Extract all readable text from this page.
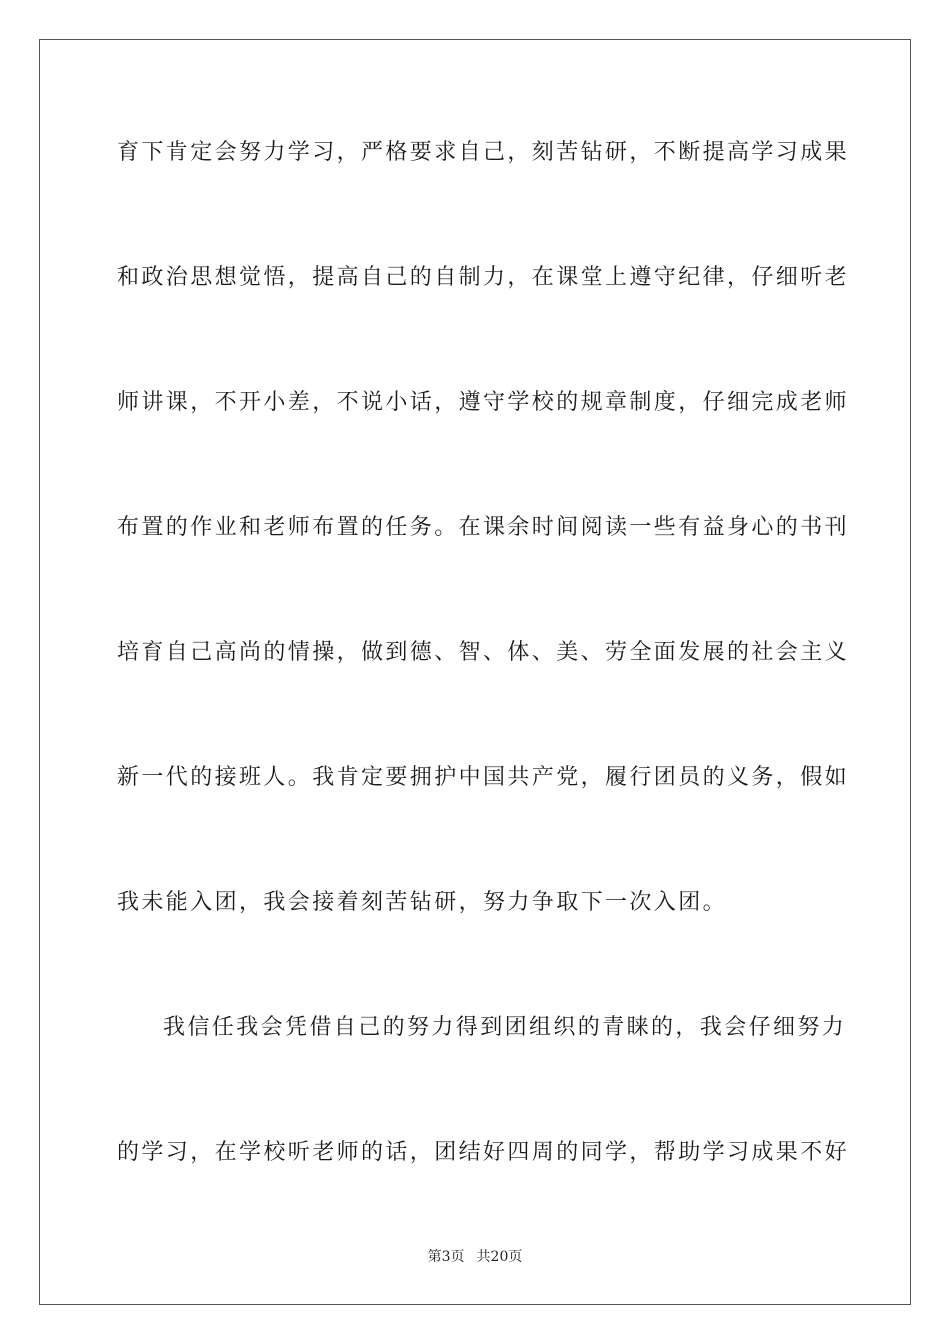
育下肯定会努力学习，严格要求自己，刻苦钻研，不断提高学习成果
和政治思想觉悟，提高自己的自制力，在课堂上遵守纪律，仔细听老
师讲课，不开小差，不说小话，遵守学校的规章制度，仔细完成老师
布置的作业和老师布置的任务。在课余时间阅读一些有益身心的书刊
培育自己高尚的情操，做到德、智、体、美、劳全面发展的社会主义
新一代的接班人。我肯定要拥护中国共产党，履行团员的义务，假如
我未能入团，我会接着刻苦钻研，努力争取下一次入团。
我信任我会凭借自己的努力得到团组织的青睐的，我会仔细努力
的学习，在学校听老师的话，团结好四周的同学，帮助学习成果不好
第3页 共20页
